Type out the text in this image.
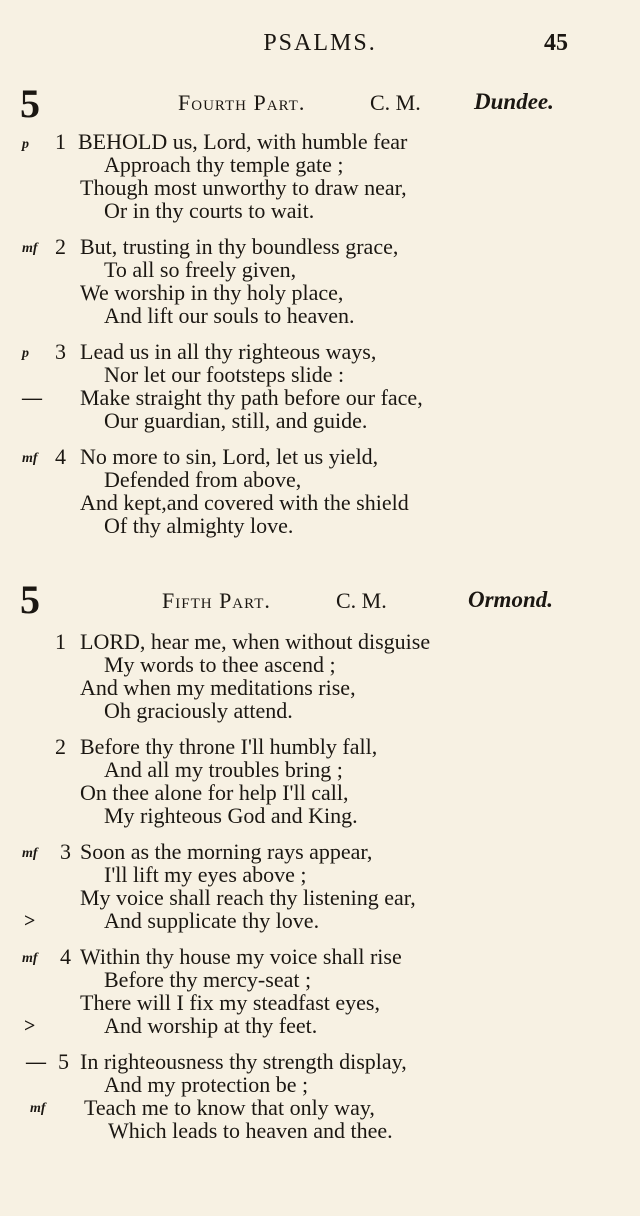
PSALMS.	45
5	Fourth Part.	C. M. Dundee.
p 1 BEHOLD us, Lord, with humble fear
Approach thy temple gate ;
Though most unworthy to draw near,
Or in thy courts to wait.
mf 2 But, trusting in thy boundless grace,
To all so freely given,
We worship in thy holy place,
And lift our souls to heaven.
p 3 Lead us in all thy righteous ways,
Nor let our footsteps slide :
— Make straight thy path before our face,
Our guardian, still, and guide.
mf 4 No more to sin, Lord, let us yield,
Defended from above,
And kept,and covered with the shield
Of thy almighty love.
5	Fifth Part.	C. M.	Ormond.
1 LORD, hear me, when without disguise
My words to thee ascend ;
And when my meditations rise,
Oh graciously attend.
2 Before thy throne I'll humbly fall,
And all my troubles bring ;
On thee alone for help I'll call,
My righteous God and King.
mf 3 Soon as the morning rays appear,
I'll lift my eyes above ;
My voice shall reach thy listening ear,
>	And supplicate thy love.
mf 4 Within thy house my voice shall rise
Before thy mercy-seat ;
There will I fix my steadfast eyes,
>	And worship at thy feet.
— 5 In righteousness thy strength display,
And my protection be ;
mf Teach me to know that only way,
Which leads to heaven and thee.
